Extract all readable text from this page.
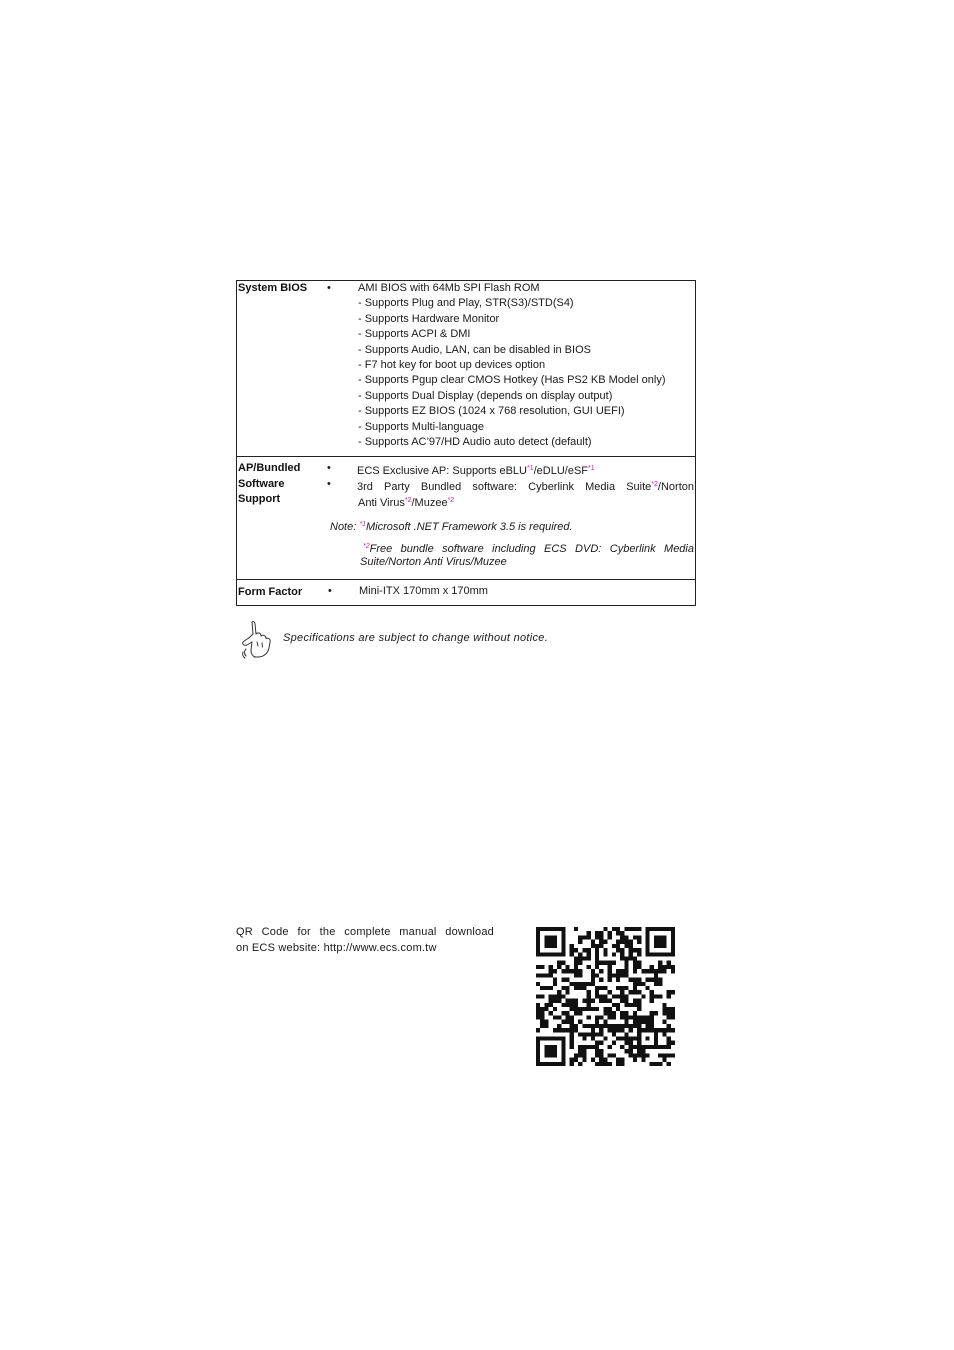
System BIOS	• AMI BIOS with 64Mb SPI Flash ROM
- Supports Plug and Play, STR(S3)/STD(S4)
- Supports Hardware Monitor
- Supports ACPI & DMI
- Supports Audio, LAN, can be disabled in BIOS
- F7 hot key for boot up devices option
- Supports Pgup clear CMOS Hotkey (Has PS2 KB Model only)
- Supports Dual Display (depends on display output)
- Supports EZ BIOS (1024 x 768 resolution, GUI UEFI)
- Supports Multi-language
- Supports AC’97/HD Audio auto detect (default)
AP/Bundled
Software
Support
• ECS Exclusive AP: Supports eBLU$^{*1}$/eDLU/eSF$^{*1}$
• 3rd Party Bundled software: Cyberlink Media Suite$^{*2}$/Norton
Anti Virus$^{*2}$/Muzee$^{*2}$
Note: $^{*1}$Microsoft .NET Framework 3.5 is required.
$^{*2}$Free bundle software including ECS DVD: Cyberlink Media
Suite/Norton Anti Virus/Muzee
Form Factor	• Mini-ITX 170mm x 170mm
Specifications are subject to change without notice.
QR Code for the complete manual download
on ECS website: http://www.ecs.com.tw
